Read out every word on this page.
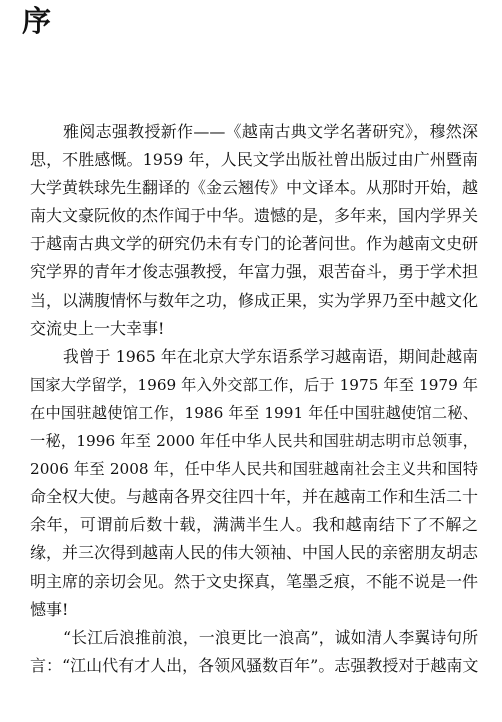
序
雅阅志强教授新作——《越南古典文学名著研究》，穆然深
思，不胜感慨。1959 年，人民文学出版社曾出版过由广州暨南
大学黄轶球先生翻译的《金云翘传》中文译本。从那时开始，越
南大文豪阮攸的杰作闻于中华。遗憾的是，多年来，国内学界关
于越南古典文学的研究仍未有专门的论著问世。作为越南文史研
究学界的青年才俊志强教授，年富力强，艰苦奋斗，勇于学术担
当，以满腹情怀与数年之功，修成正果，实为学界乃至中越文化
交流史上一大幸事!
我曾于 1965 年在北京大学东语系学习越南语，期间赴越南
国家大学留学，1969 年入外交部工作，后于 1975 年至 1979 年
在中国驻越使馆工作，1986 年至 1991 年任中国驻越使馆二秘、
一秘，1996 年至 2000 年任中华人民共和国驻胡志明市总领事，
2006 年至 2008 年，任中华人民共和国驻越南社会主义共和国特
命全权大使。与越南各界交往四十年，并在越南工作和生活二十
余年，可谓前后数十载，满满半生人。我和越南结下了不解之
缘，并三次得到越南人民的伟大领袖、中国人民的亲密朋友胡志
明主席的亲切会见。然于文史探真，笔墨乏痕，不能不说是一件
憾事!
“长江后浪推前浪，一浪更比一浪高”，诚如清人李翼诗句所
言：“江山代有才人出，各领风骚数百年”。志强教授对于越南文
